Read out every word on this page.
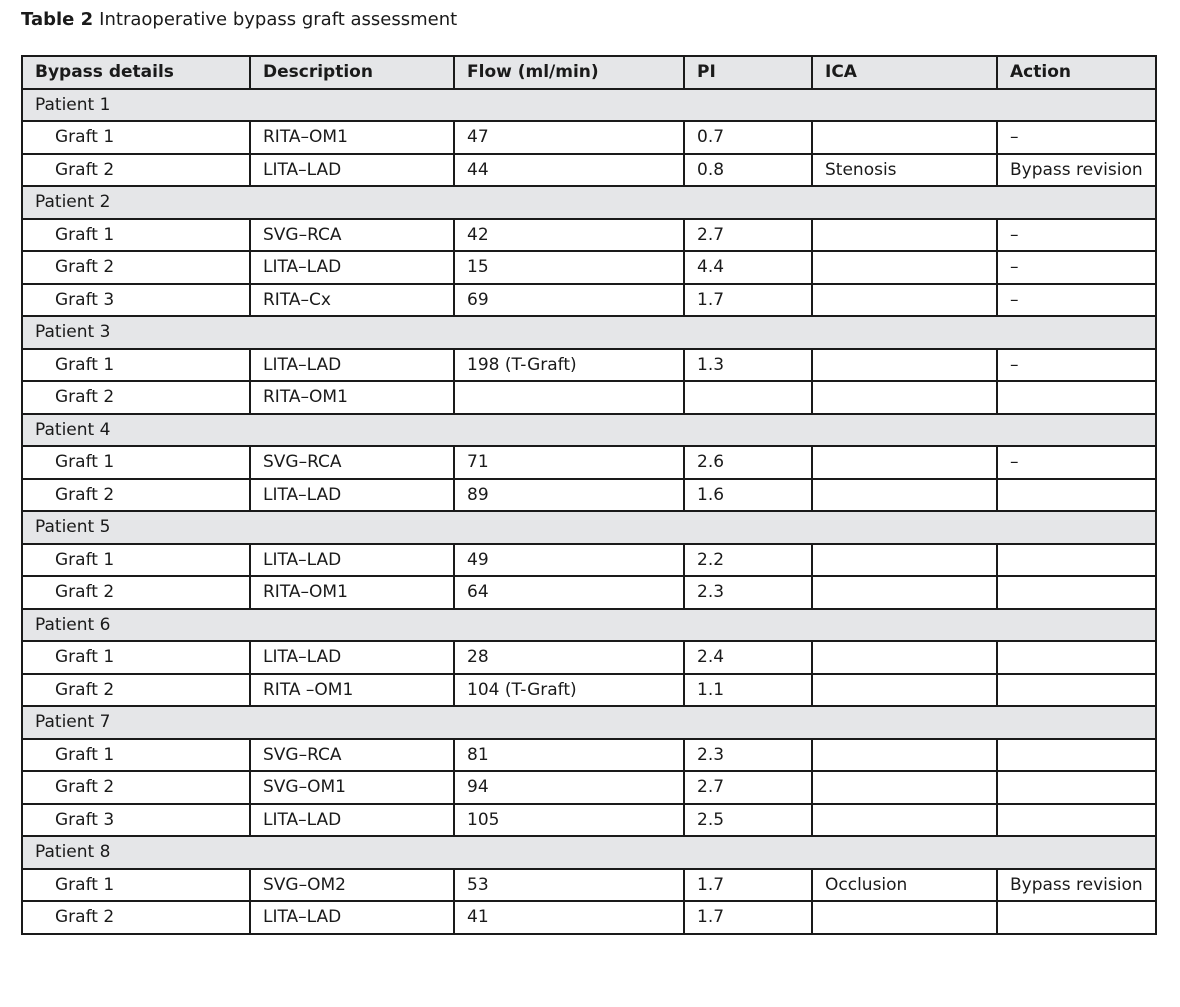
Table 2 Intraoperative bypass graft assessment
Bypass details	Description	Flow (ml/min)	PI	ICA	Action
Patient 1					
Graft 1	RITA–OM1	47	0.7		–
Graft 2	LITA–LAD	44	0.8	Stenosis	Bypass revision
Patient 2					
Graft 1	SVG–RCA	42	2.7		–
Graft 2	LITA–LAD	15	4.4		–
Graft 3	RITA–Cx	69	1.7		–
Patient 3					
Graft 1	LITA–LAD	198 (T-Graft)	1.3		–
Graft 2	RITA–OM1				
Patient 4					
Graft 1	SVG–RCA	71	2.6		–
Graft 2	LITA–LAD	89	1.6		
Patient 5					
Graft 1	LITA–LAD	49	2.2		
Graft 2	RITA–OM1	64	2.3		
Patient 6					
Graft 1	LITA–LAD	28	2.4		
Graft 2	RITA –OM1	104 (T-Graft)	1.1		
Patient 7					
Graft 1	SVG–RCA	81	2.3		
Graft 2	SVG–OM1	94	2.7		
Graft 3	LITA–LAD	105	2.5		
Patient 8					
Graft 1	SVG–OM2	53	1.7	Occlusion	Bypass revision
Graft 2	LITA–LAD	41	1.7		
